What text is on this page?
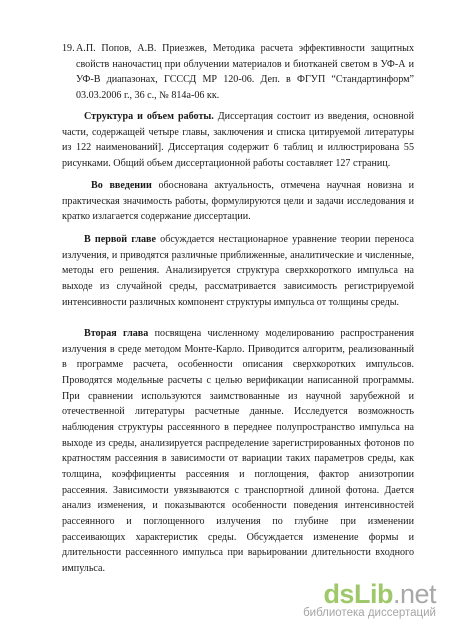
19. А.П. Попов, А.В. Приезжев, Методика расчета эффективности защитных свойств наночастиц при облучении материалов и биотканей светом в УФ-А и УФ-В диапазонах, ГСССД МР 120-06. Деп. в ФГУП “Стандартинформ” 03.03.2006 г., 36 с., № 814а-06 кк.
Структура и объем работы. Диссертация состоит из введения, основной части, содержащей четыре главы, заключения и списка цитируемой литературы из 122 наименований]. Диссертация содержит 6 таблиц и иллюстрирована 55 рисунками. Общий объем диссертационной работы составляет 127 страниц.
Во введении обоснована актуальность, отмечена научная новизна и практическая значимость работы, формулируются цели и задачи исследования и кратко излагается содержание диссертации.
В первой главе обсуждается нестационарное уравнение теории переноса излучения, и приводятся различные приближенные, аналитические и численные, методы его решения. Анализируется структура сверхкороткого импульса на выходе из случайной среды, рассматривается зависимость регистрируемой интенсивности различных компонент структуры импульса от толщины среды.
Вторая глава посвящена численному моделированию распространения излучения в среде методом Монте-Карло. Приводится алгоритм, реализованный в программе расчета, особенности описания сверхкоротких импульсов. Проводятся модельные расчеты с целью верификации написанной программы. При сравнении используются заимствованные из научной зарубежной и отечественной литературы расчетные данные. Исследуется возможность наблюдения структуры рассеянного в переднее полупространство импульса на выходе из среды, анализируется распределение зарегистрированных фотонов по кратностям рассеяния в зависимости от вариации таких параметров среды, как толщина, коэффициенты рассеяния и поглощения, фактор анизотропии рассеяния. Зависимости увязываются с транспортной длиной фотона. Дается анализ изменения, и показываются особенности поведения интенсивностей рассеянного и поглощенного излучения по глубине при изменении рассеивающих характеристик среды. Обсуждается изменение формы и длительности рассеянного импульса при варьировании длительности входного импульса.
dsLib.net
библиотека диссертаций
